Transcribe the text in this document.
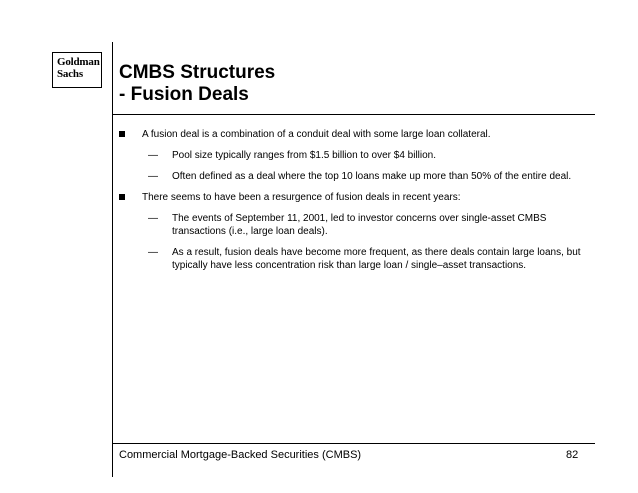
Goldman
Sachs	CMBS Structures
- Fusion Deals
A fusion deal is a combination of a conduit deal with some large loan collateral.
— Pool size typically ranges from $1.5 billion to over $4 billion.
— Often defined as a deal where the top 10 loans make up more than 50% of the entire deal.
There seems to have been a resurgence of fusion deals in recent years:
— The events of September 11, 2001, led to investor concerns over single-asset CMBS transactions (i.e., large loan deals).
— As a result, fusion deals have become more frequent, as there deals contain large loans, but typically have less concentration risk than large loan / single–asset transactions.
Commercial Mortgage-Backed Securities (CMBS)	82
